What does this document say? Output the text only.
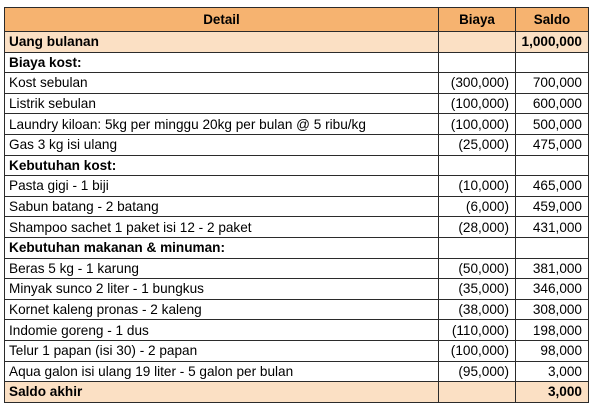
Detail	Biaya	Saldo
Uang bulanan		1,000,000
Biaya kost:		
Kost sebulan	(300,000)	700,000
Listrik sebulan	(100,000)	600,000
Laundry kiloan: 5kg per minggu 20kg per bulan @ 5 ribu/kg	(100,000)	500,000
Gas 3 kg isi ulang	(25,000)	475,000
Kebutuhan kost:		
Pasta gigi - 1 biji	(10,000)	465,000
Sabun batang - 2 batang	(6,000)	459,000
Shampoo sachet 1 paket isi 12 - 2 paket	(28,000)	431,000
Kebutuhan makanan & minuman:		
Beras 5 kg - 1 karung	(50,000)	381,000
Minyak sunco 2 liter - 1 bungkus	(35,000)	346,000
Kornet kaleng pronas - 2 kaleng	(38,000)	308,000
Indomie goreng - 1 dus	(110,000)	198,000
Telur 1 papan (isi 30) - 2 papan	(100,000)	98,000
Aqua galon isi ulang 19 liter - 5 galon per bulan	(95,000)	3,000
Saldo akhir		3,000
